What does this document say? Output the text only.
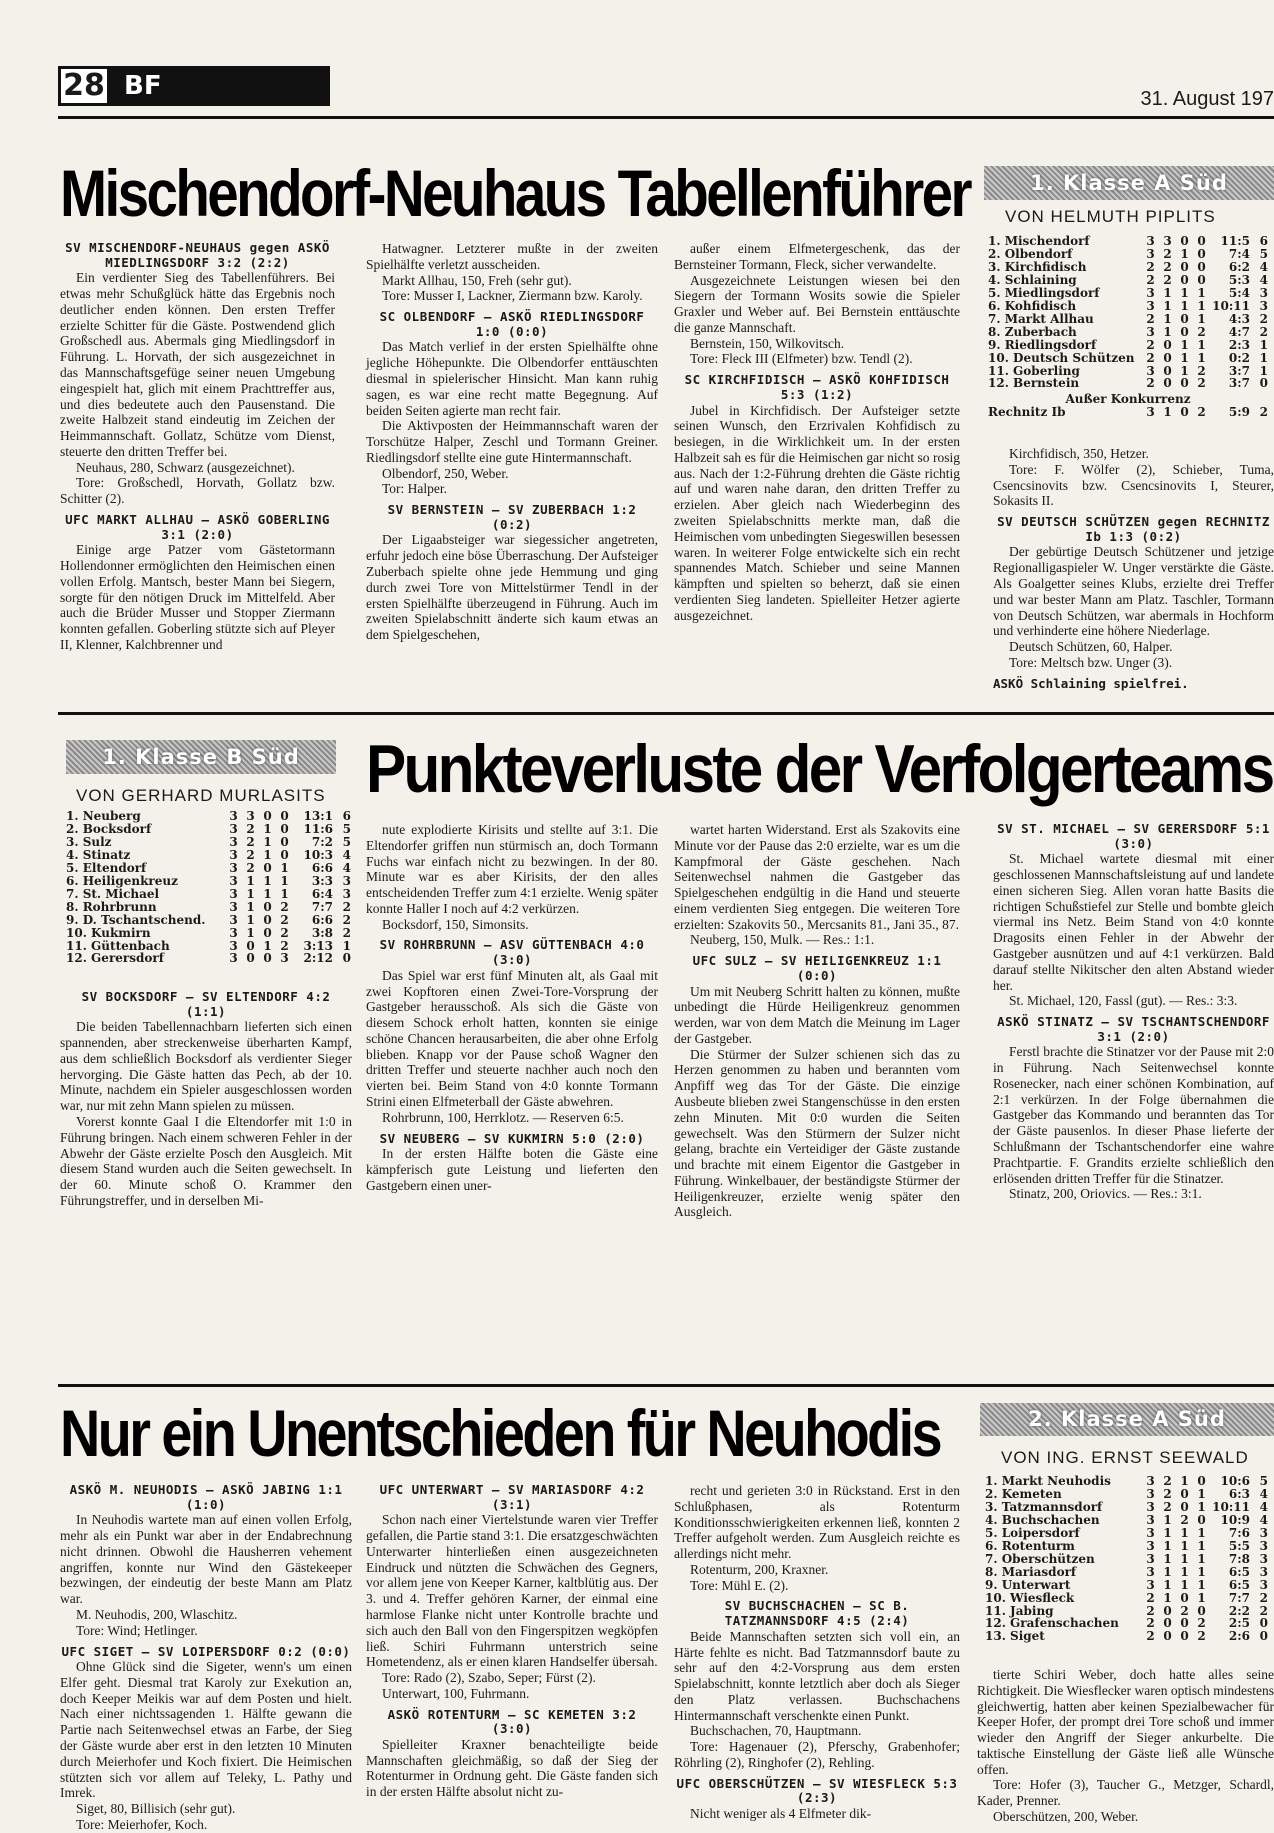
28 BF	31. August 197
Mischendorf-Neuhaus Tabellenführer	1. Klasse A Süd
VON HELMUTH PIPLITS
1. Mischendorf	3 3 0 0	11:5 6
2. Olbendorf	3 2 1 0	7:4 5
3. Kirchfidisch	2 2 0 0	6:2 4
4. Schlaining	2 2 0 0	5:3 4
5. Miedlingsdorf	3 1 1 1	5:4 3
6. Kohfidisch	3 1 1 1 10:11 3
7. Markt Allhau	2 1 0 1	4:3 2
8. Zuberbach	3 1 0 2	4:7 2
9. Riedlingsdorf	2 0 1 1	2:3 1
10. Deutsch Schützen 2 0 1 1	0:2 1
11. Goberling	3 0 1 2	3:7 1
12. Bernstein	2 0 0 2	3:7 0
Außer Konkurrenz
Rechnitz Ib	3 1 0 2	5:9 2

SV MISCHENDORF-NEUHAUS gegen ASKÖ MIEDLINGSDORF 3:2 (2:2)

Ein verdienter Sieg des Tabellenführers. Bei etwas mehr Schußglück hätte das Ergebnis noch deutlicher enden können. Den ersten Treffer erzielte Schitter für die Gäste. Postwendend glich Großschedl aus. Abermals ging Miedlingsdorf in Führung. L. Horvath, der sich ausgezeichnet in das Mannschaftsgefüge seiner neuen Umgebung eingespielt hat, glich mit einem Prachttreffer aus, und dies bedeutete auch den Pausenstand. Die zweite Halbzeit stand eindeutig im Zeichen der Heimmannschaft. Gollatz, Schütze vom Dienst, steuerte den dritten Treffer bei.

Neuhaus, 280, Schwarz (ausgezeichnet).

Tore: Großschedl, Horvath, Gollatz bzw. Schitter (2).

UFC MARKT ALLHAU — ASKÖ GOBERLING 3:1 (2:0)

Einige arge Patzer vom Gästetormann Hollendonner ermöglichten den Heimischen einen vollen Erfolg. Mantsch, bester Mann bei Siegern, sorgte für den nötigen Druck im Mittelfeld. Aber auch die Brüder Musser und Stopper Ziermann konnten gefallen. Goberling stützte sich auf Pleyer II, Klenner, Kalchbrenner und

Hatwagner. Letzterer mußte in der zweiten Spielhälfte verletzt ausscheiden.

Markt Allhau, 150, Freh (sehr gut).

Tore: Musser I, Lackner, Ziermann bzw. Karoly.

SC OLBENDORF — ASKÖ RIEDLINGSDORF 1:0 (0:0)

Das Match verlief in der ersten Spielhälfte ohne jegliche Höhepunkte. Die Olbendorfer enttäuschten diesmal in spielerischer Hinsicht. Man kann ruhig sagen, es war eine recht matte Begegnung. Auf beiden Seiten agierte man recht fair.

Die Aktivposten der Heimmannschaft waren der Torschütze Halper, Zeschl und Tormann Greiner. Riedlingsdorf stellte eine gute Hintermannschaft.

Olbendorf, 250, Weber.

Tor: Halper.

SV BERNSTEIN — SV ZUBERBACH 1:2 (0:2)

Der Ligaabsteiger war siegessicher angetreten, erfuhr jedoch eine böse Überraschung. Der Aufsteiger Zuberbach spielte ohne jede Hemmung und ging durch zwei Tore von Mittelstürmer Tendl in der ersten Spielhälfte überzeugend in Führung. Auch im zweiten Spielabschnitt änderte sich kaum etwas an dem Spielgeschehen,

außer einem Elfmetergeschenk, das der Bernsteiner Tormann, Fleck, sicher verwandelte.

Ausgezeichnete Leistungen wiesen bei den Siegern der Tormann Wosits sowie die Spieler Graxler und Weber auf. Bei Bernstein enttäuschte die ganze Mannschaft.

Bernstein, 150, Wilkovitsch.

Tore: Fleck III (Elfmeter) bzw. Tendl (2).

SC KIRCHFIDISCH — ASKÖ KOHFIDISCH 5:3 (1:2)

Jubel in Kirchfidisch. Der Aufsteiger setzte seinen Wunsch, den Erzrivalen Kohfidisch zu besiegen, in die Wirklichkeit um. In der ersten Halbzeit sah es für die Heimischen gar nicht so rosig aus. Nach der 1:2-Führung drehten die Gäste richtig auf und waren nahe daran, den dritten Treffer zu erzielen. Aber gleich nach Wiederbeginn des zweiten Spielabschnitts merkte man, daß die Heimischen vom unbedingten Siegeswillen besessen waren. In weiterer Folge entwickelte sich ein recht spannendes Match. Schieber und seine Mannen kämpften und spielten so beherzt, daß sie einen verdienten Sieg landeten. Spielleiter Hetzer agierte ausgezeichnet.

Kirchfidisch, 350, Hetzer.

Tore: F. Wölfer (2), Schieber, Tuma, Csencsinovits bzw. Csencsinovits I, Steurer, Sokasits II.

SV DEUTSCH SCHÜTZEN gegen RECHNITZ Ib 1:3 (0:2)

Der gebürtige Deutsch Schützener und jetzige Regionalligaspieler W. Unger verstärkte die Gäste. Als Goalgetter seines Klubs, erzielte drei Treffer und war bester Mann am Platz. Taschler, Tormann von Deutsch Schützen, war abermals in Hochform und verhinderte eine höhere Niederlage.

Deutsch Schützen, 60, Halper.

Tore: Meltsch bzw. Unger (3).

ASKÖ Schlaining spielfrei.

1. Klasse B Süd
VON GERHARD MURLASITS
1. Neuberg	3 3 0 0	13:1 6
2. Bocksdorf	3 2 1 0	11:6 5
3. Sulz	3 2 1 0	7:2 5
4. Stinatz	3 2 1 0	10:3 4
5. Eltendorf	3 2 0 1	6:6 4
6. Heiligenkreuz	3 1 1 1	3:3 3
7. St. Michael	3 1 1 1	6:4 3
8. Rohrbrunn	3 1 0 2	7:7 2
9. D. Tschantschend.	3 1 0 2	6:6 2
10. Kukmirn	3 1 0 2	3:8 2
11. Güttenbach	3 0 1 2	3:13 1
12. Gerersdorf	3 0 0 3	2:12 0
Punkteverluste der Verfolgerteams

SV BOCKSDORF — SV ELTENDORF 4:2 (1:1)

Die beiden Tabellennachbarn lieferten sich einen spannenden, aber streckenweise überharten Kampf, aus dem schließlich Bocksdorf als verdienter Sieger hervorging. Die Gäste hatten das Pech, ab der 10. Minute, nachdem ein Spieler ausgeschlossen worden war, nur mit zehn Mann spielen zu müssen.

Vorerst konnte Gaal I die Eltendorfer mit 1:0 in Führung bringen. Nach einem schweren Fehler in der Abwehr der Gäste erzielte Posch den Ausgleich. Mit diesem Stand wurden auch die Seiten gewechselt. In der 60. Minute schoß O. Krammer den Führungstreffer, und in derselben Mi-

nute explodierte Kirisits und stellte auf 3:1. Die Eltendorfer griffen nun stürmisch an, doch Tormann Fuchs war einfach nicht zu bezwingen. In der 80. Minute war es aber Kirisits, der den alles entscheidenden Treffer zum 4:1 erzielte. Wenig später konnte Haller I noch auf 4:2 verkürzen.

Bocksdorf, 150, Simonsits.

SV ROHRBRUNN — ASV GÜTTENBACH 4:0 (3:0)

Das Spiel war erst fünf Minuten alt, als Gaal mit zwei Kopftoren einen Zwei-Tore-Vorsprung der Gastgeber herausschoß. Als sich die Gäste von diesem Schock erholt hatten, konnten sie einige schöne Chancen herausarbeiten, die aber ohne Erfolg blieben. Knapp vor der Pause schoß Wagner den dritten Treffer und steuerte nachher auch noch den vierten bei. Beim Stand von 4:0 konnte Tormann Strini einen Elfmeterball der Gäste abwehren.

Rohrbrunn, 100, Herrklotz. — Reserven 6:5.

SV NEUBERG — SV KUKMIRN 5:0 (2:0)

In der ersten Hälfte boten die Gäste eine kämpferisch gute Leistung und lieferten den Gastgebern einen uner-

wartet harten Widerstand. Erst als Szakovits eine Minute vor der Pause das 2:0 erzielte, war es um die Kampfmoral der Gäste geschehen. Nach Seitenwechsel nahmen die Gastgeber das Spielgeschehen endgültig in die Hand und steuerte einem verdienten Sieg entgegen. Die weiteren Tore erzielten: Szakovits 50., Mercsanits 81., Jani 35., 87.

Neuberg, 150, Mulk. — Res.: 1:1.

UFC SULZ — SV HEILIGENKREUZ 1:1 (0:0)

Um mit Neuberg Schritt halten zu können, mußte unbedingt die Hürde Heiligenkreuz genommen werden, war von dem Match die Meinung im Lager der Gastgeber.

Die Stürmer der Sulzer schienen sich das zu Herzen genommen zu haben und berannten vom Anpfiff weg das Tor der Gäste. Die einzige Ausbeute blieben zwei Stangenschüsse in den ersten zehn Minuten. Mit 0:0 wurden die Seiten gewechselt. Was den Stürmern der Sulzer nicht gelang, brachte ein Verteidiger der Gäste zustande und brachte mit einem Eigentor die Gastgeber in Führung. Winkelbauer, der beständigste Stürmer der Heiligenkreuzer, erzielte wenig später den Ausgleich.

SV ST. MICHAEL — SV GERERSDORF 5:1 (3:0)

St. Michael wartete diesmal mit einer geschlossenen Mannschaftsleistung auf und landete einen sicheren Sieg. Allen voran hatte Basits die richtigen Schußstiefel zur Stelle und bombte gleich viermal ins Netz. Beim Stand von 4:0 konnte Dragosits einen Fehler in der Abwehr der Gastgeber ausnützen und auf 4:1 verkürzen. Bald darauf stellte Nikitscher den alten Abstand wieder her.

St. Michael, 120, Fassl (gut). — Res.: 3:3.

ASKÖ STINATZ — SV TSCHANTSCHENDORF 3:1 (2:0)

Ferstl brachte die Stinatzer vor der Pause mit 2:0 in Führung. Nach Seitenwechsel konnte Rosenecker, nach einer schönen Kombination, auf 2:1 verkürzen. In der Folge übernahmen die Gastgeber das Kommando und berannten das Tor der Gäste pausenlos. In dieser Phase lieferte der Schlußmann der Tschantschendorfer eine wahre Prachtpartie. F. Grandits erzielte schließlich den erlösenden dritten Treffer für die Stinatzer.

Stinatz, 200, Oriovics. — Res.: 3:1.

Nur ein Unentschieden für Neuhodis	2. Klasse A Süd
VON ING. ERNST SEEWALD
1. Markt Neuhodis	3 2 1 0	10:6 5
2. Kemeten	3 2 0 1	6:3 4
3. Tatzmannsdorf	3 2 0 1 10:11 4
4. Buchschachen	3 1 2 0	10:9 4
5. Loipersdorf	3 1 1 1	7:6 3
6. Rotenturm	3 1 1 1	5:5 3
7. Oberschützen	3 1 1 1	7:8 3
8. Mariasdorf	3 1 1 1	6:5 3
9. Unterwart	3 1 1 1	6:5 3
10. Wiesfleck	2 1 0 1	7:7 2
11. Jabing	2 0 2 0	2:2 2
12. Grafenschachen	2 0 0 2	2:5 0
13. Siget	2 0 0 2	2:6 0

ASKÖ M. NEUHODIS — ASKÖ JABING 1:1 (1:0)

In Neuhodis wartete man auf einen vollen Erfolg, mehr als ein Punkt war aber in der Endabrechnung nicht drinnen. Obwohl die Hausherren vehement angriffen, konnte nur Wind den Gästekeeper bezwingen, der eindeutig der beste Mann am Platz war.

M. Neuhodis, 200, Wlaschitz.

Tore: Wind; Hetlinger.

UFC SIGET — SV LOIPERSDORF 0:2 (0:0)

Ohne Glück sind die Sigeter, wenn's um einen Elfer geht. Diesmal trat Karoly zur Exekution an, doch Keeper Meikis war auf dem Posten und hielt. Nach einer nichtssagenden 1. Hälfte gewann die Partie nach Seitenwechsel etwas an Farbe, der Sieg der Gäste wurde aber erst in den letzten 10 Minuten durch Meierhofer und Koch fixiert. Die Heimischen stützten sich vor allem auf Teleky, L. Pathy und Imrek.

Siget, 80, Billisich (sehr gut).

Tore: Meierhofer, Koch.

UFC UNTERWART — SV MARIASDORF 4:2 (3:1)

Schon nach einer Viertelstunde waren vier Treffer gefallen, die Partie stand 3:1. Die ersatzgeschwächten Unterwarter hinterließen einen ausgezeichneten Eindruck und nützten die Schwächen des Gegners, vor allem jene von Keeper Karner, kaltblütig aus. Der 3. und 4. Treffer gehören Karner, der einmal eine harmlose Flanke nicht unter Kontrolle brachte und sich auch den Ball von den Fingerspitzen wegköpfen ließ. Schiri Fuhrmann unterstrich seine Hometendenz, als er einen klaren Handselfer übersah.

Tore: Rado (2), Szabo, Seper; Fürst (2).

Unterwart, 100, Fuhrmann.

ASKÖ ROTENTURM — SC KEMETEN 3:2 (3:0)

Spielleiter Kraxner benachteiligte beide Mannschaften gleichmäßig, so daß der Sieg der Rotenturmer in Ordnung geht. Die Gäste fanden sich in der ersten Hälfte absolut nicht zu-

recht und gerieten 3:0 in Rückstand. Erst in den Schlußphasen, als Rotenturm Konditionsschwierigkeiten erkennen ließ, konnten 2 Treffer aufgeholt werden. Zum Ausgleich reichte es allerdings nicht mehr.

Rotenturm, 200, Kraxner.

Tore: Mühl E. (2).

SV BUCHSCHACHEN — SC B. TATZMANNSDORF 4:5 (2:4)

Beide Mannschaften setzten sich voll ein, an Härte fehlte es nicht. Bad Tatzmannsdorf baute zu sehr auf den 4:2-Vorsprung aus dem ersten Spielabschnitt, konnte letztlich aber doch als Sieger den Platz verlassen. Buchschachens Hintermannschaft verschenkte einen Punkt.

Buchschachen, 70, Hauptmann.

Tore: Hagenauer (2), Pferschy, Grabenhofer; Röhrling (2), Ringhofer (2), Rehling.

UFC OBERSCHÜTZEN — SV WIESFLECK 5:3 (2:3)

Nicht weniger als 4 Elfmeter dik-

tierte Schiri Weber, doch hatte alles seine Richtigkeit. Die Wiesflecker waren optisch mindestens gleichwertig, hatten aber keinen Spezialbewacher für Keeper Hofer, der prompt drei Tore schoß und immer wieder den Angriff der Sieger ankurbelte. Die taktische Einstellung der Gäste ließ alle Wünsche offen.

Tore: Hofer (3), Taucher G., Metzger, Schardl, Kader, Prenner.

Oberschützen, 200, Weber.
